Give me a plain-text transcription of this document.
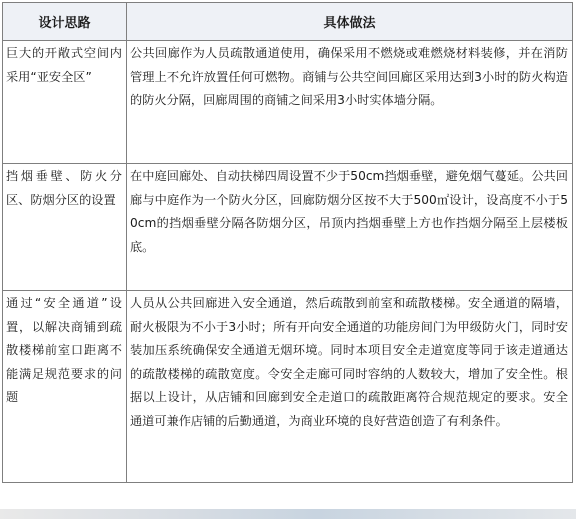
设计思路	具体做法
巨大的开敞式空间内采用“亚安全区”	公共回廊作为人员疏散通道使用，确保采用不燃烧或难燃烧材料装修，并在消防管理上不允许放置任何可燃物。商铺与公共空间回廊区采用达到3小时的防火构造的防火分隔，回廊周围的商铺之间采用3小时实体墙分隔。
挡烟垂壁、防火分区、防烟分区的设置	在中庭回廊处、自动扶梯四周设置不少于50cm挡烟垂壁，避免烟气蔓延。公共回廊与中庭作为一个防火分区，回廊防烟分区按不大于500㎡设计，设高度不小于50cm的挡烟垂壁分隔各防烟分区，吊顶内挡烟垂壁上方也作挡烟分隔至上层楼板底。
通过“安全通道”设置，以解决商铺到疏散楼梯前室口距离不能满足规范要求的问题	人员从公共回廊进入安全通道，然后疏散到前室和疏散楼梯。安全通道的隔墙，耐火极限为不小于3小时；所有开向安全通道的功能房间门为甲级防火门，同时安装加压系统确保安全通道无烟环境。同时本项目安全走道宽度等同于该走道通达的疏散楼梯的疏散宽度。令安全走廊可同时容纳的人数较大，增加了安全性。根据以上设计，从店铺和回廊到安全走道口的疏散距离符合规范规定的要求。安全通道可兼作店铺的后勤通道，为商业环境的良好营造创造了有利条件。
